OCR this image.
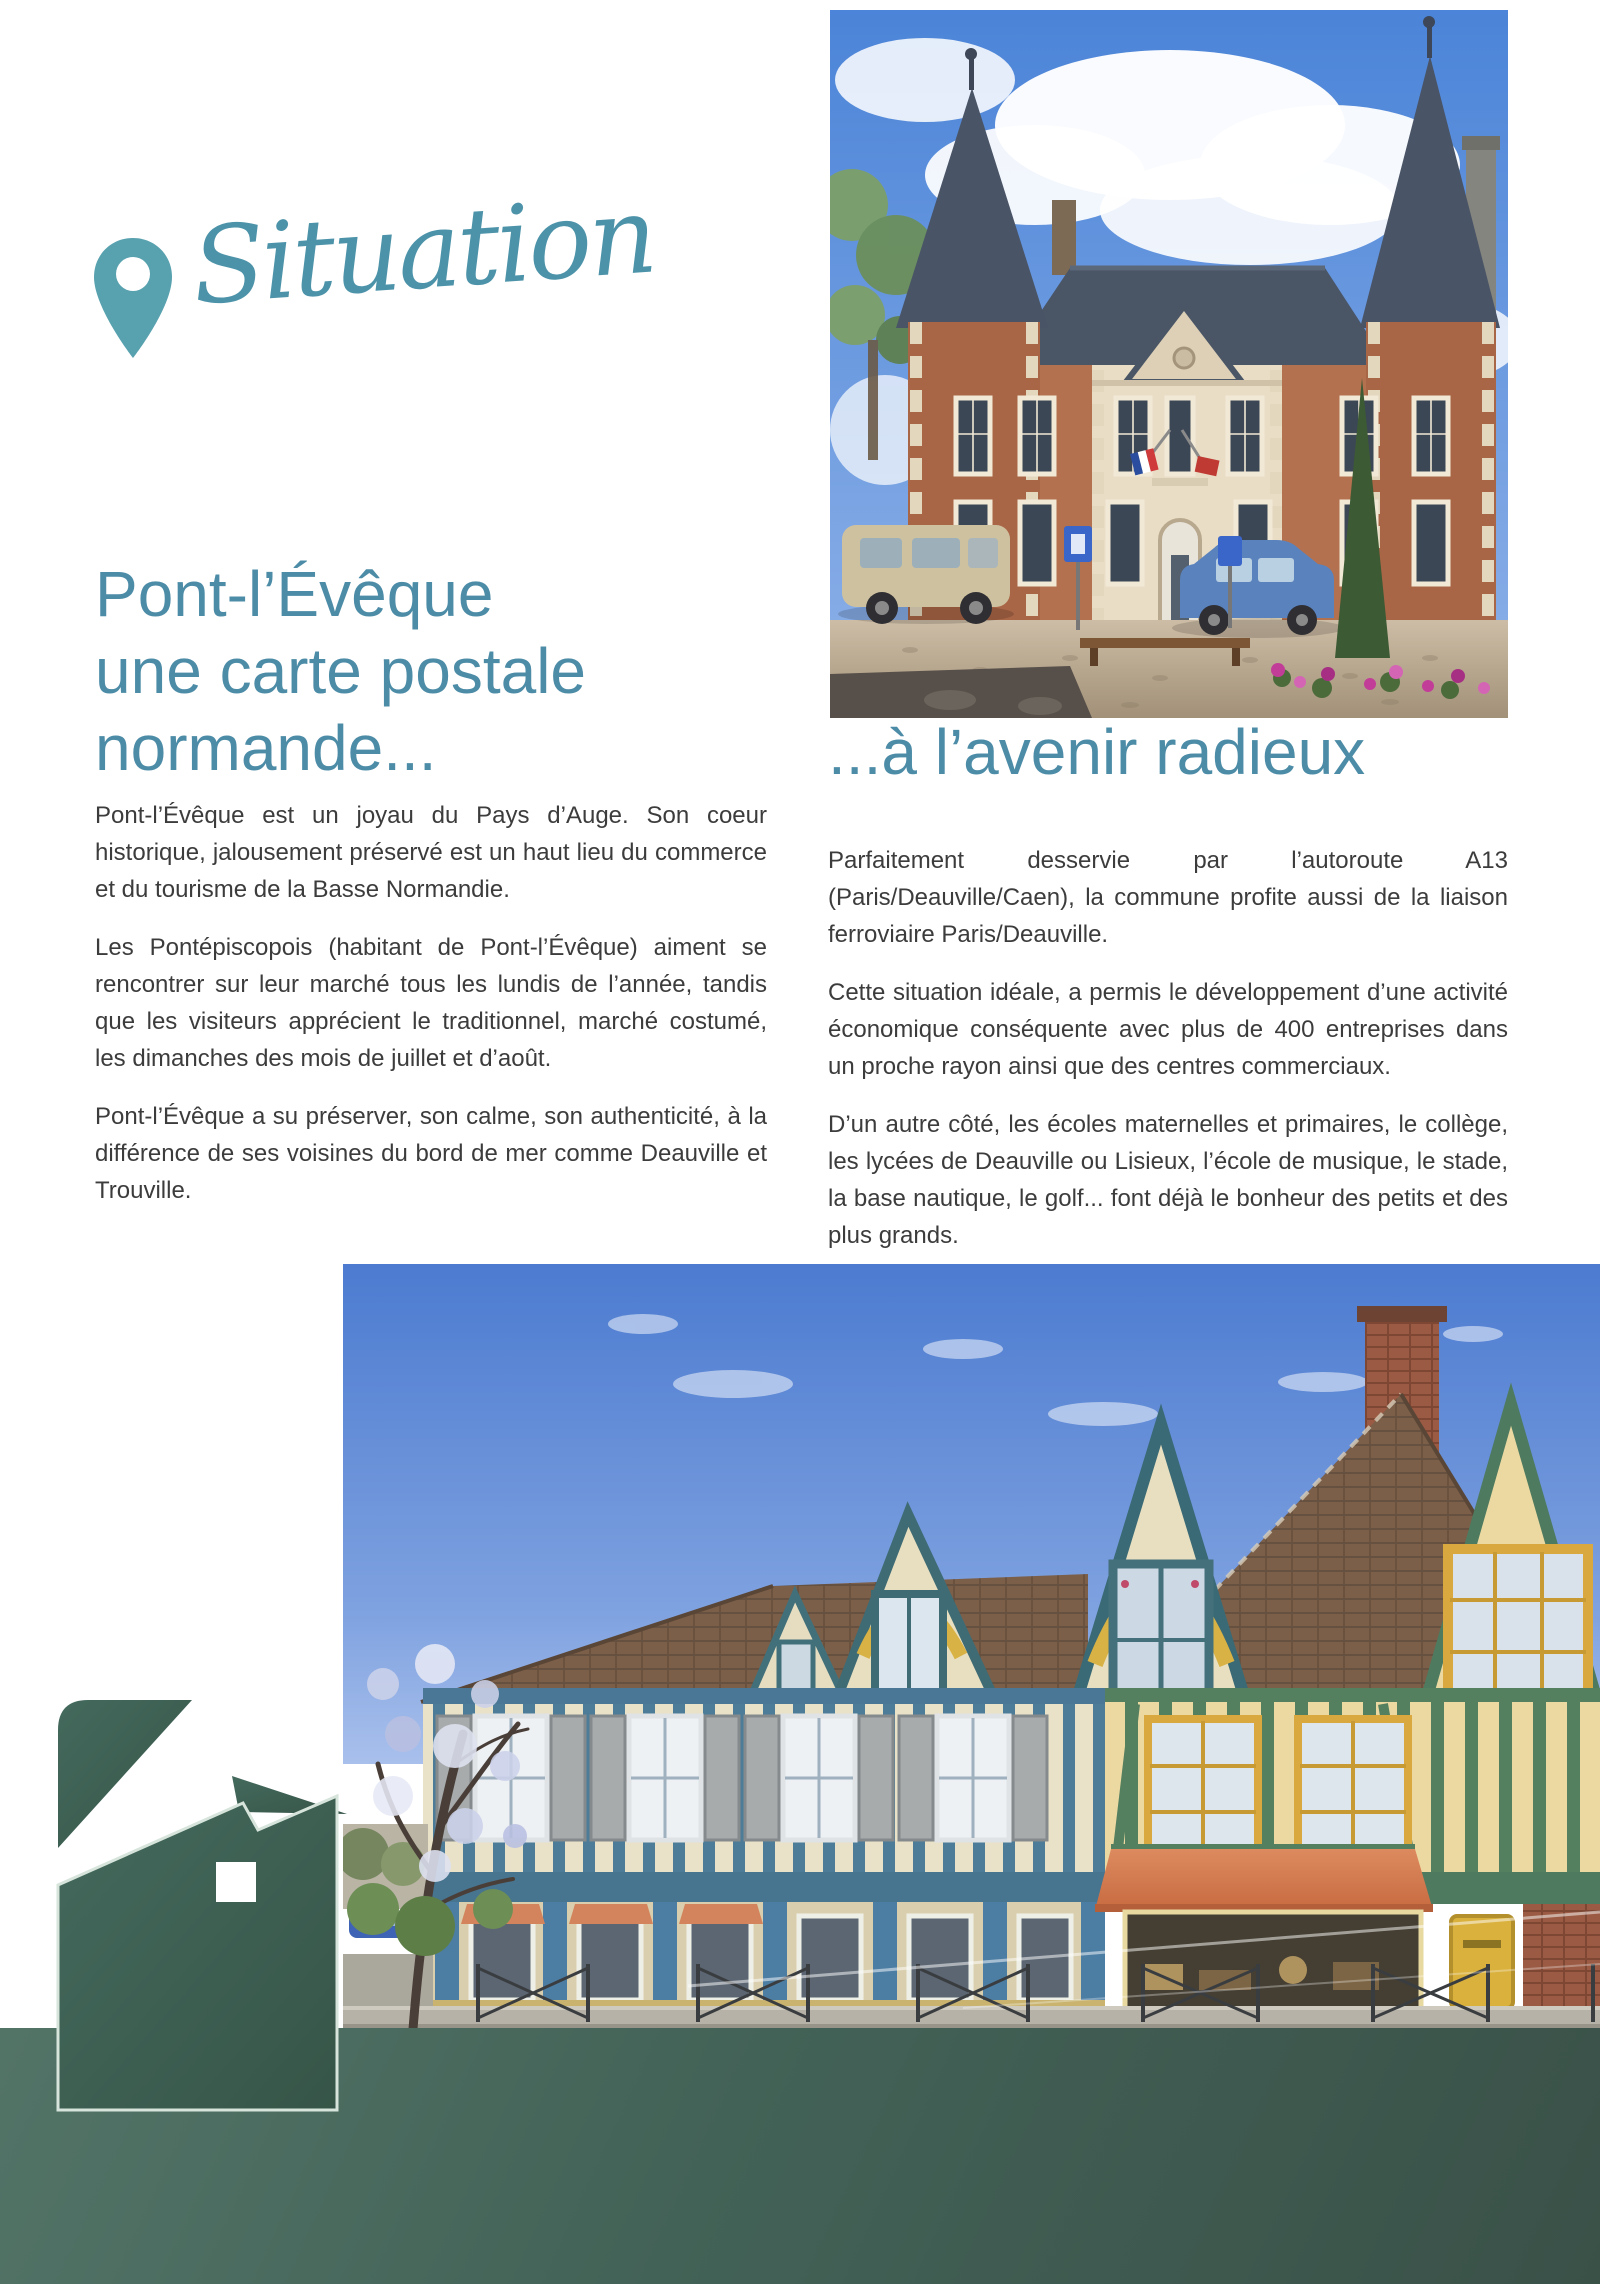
Situation
Pont-l’Évêque
une carte postale
normande...	...à l’avenir radieux

Pont-l’Évêque est un joyau du Pays d’Auge. Son coeur historique, jalousement préservé est un haut lieu du commerce et du tourisme de la Basse Normandie.

Les Pontépiscopois (habitant de Pont-l’Évêque) aiment se rencontrer sur leur marché tous les lundis de l’année, tandis que les visiteurs apprécient le traditionnel, marché costumé, les dimanches des mois de juillet et d’août.

Pont-l’Évêque a su préserver, son calme, son authenticité, à la différence de ses voisines du bord de mer comme Deauville et Trouville.

Parfaitement desservie par l’autoroute A13 (Paris/Deauville/Caen), la commune profite aussi de la liaison ferroviaire Paris/Deauville.

Cette situation idéale, a permis le développement d’une activité économique conséquente avec plus de 400 entreprises dans un proche rayon ainsi que des centres commerciaux.

D’un autre côté, les écoles maternelles et primaires, le collège, les lycées de Deauville ou Lisieux, l’école de musique, le stade, la base nautique, le golf... font déjà le bonheur des petits et des plus grands.
